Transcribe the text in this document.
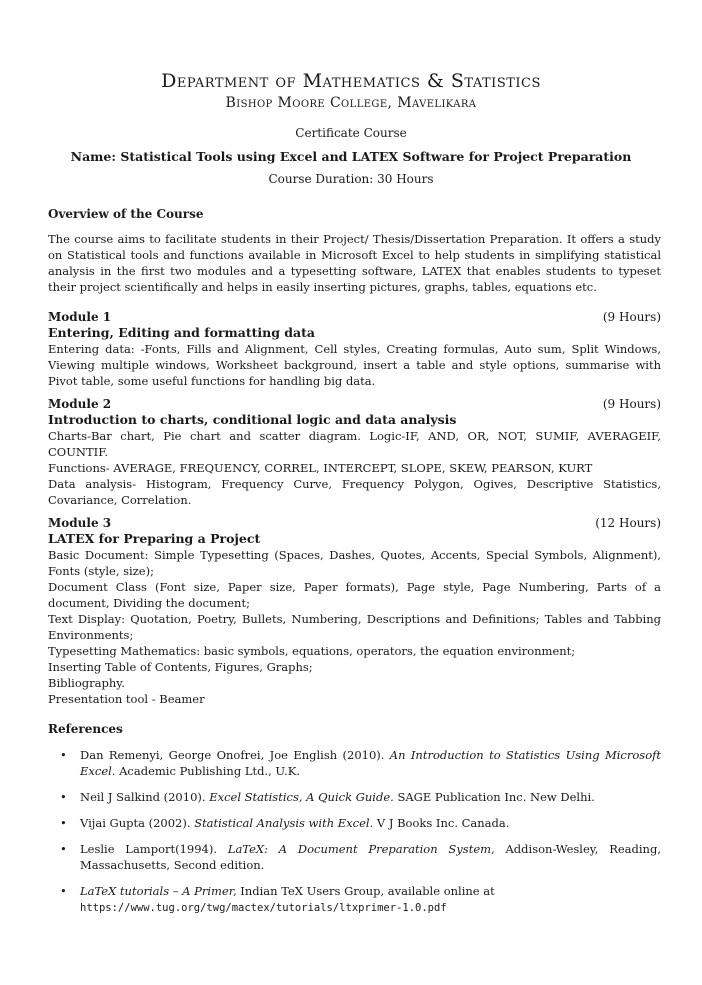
Department of Mathematics & Statistics
Bishop Moore College, Mavelikara
Certificate Course
Name: Statistical Tools using Excel and LATEX Software for Project Preparation
Course Duration: 30 Hours
Overview of the Course
The course aims to facilitate students in their Project/ Thesis/Dissertation Preparation. It offers a study on Statistical tools and functions available in Microsoft Excel to help students in simplifying statistical analysis in the first two modules and a typesetting software, LATEX that enables students to typeset their project scientifically and helps in easily inserting pictures, graphs, tables, equations etc.
Module 1	(9 Hours)
Entering, Editing and formatting data
Entering data: -Fonts, Fills and Alignment, Cell styles, Creating formulas, Auto sum, Split Windows, Viewing multiple windows, Worksheet background, insert a table and style options, summarise with Pivot table, some useful functions for handling big data.
Module 2	(9 Hours)
Introduction to charts, conditional logic and data analysis
Charts-Bar chart, Pie chart and scatter diagram. Logic-IF, AND, OR, NOT, SUMIF, AVERAGEIF, COUNTIF.
Functions- AVERAGE, FREQUENCY, CORREL, INTERCEPT, SLOPE, SKEW, PEARSON, KURT
Data analysis- Histogram, Frequency Curve, Frequency Polygon, Ogives, Descriptive Statistics, Covariance, Correlation.
Module 3	(12 Hours)
LATEX for Preparing a Project
Basic Document: Simple Typesetting (Spaces, Dashes, Quotes, Accents, Special Symbols, Alignment), Fonts (style, size);
Document Class (Font size, Paper size, Paper formats), Page style, Page Numbering, Parts of a document, Dividing the document;
Text Display: Quotation, Poetry, Bullets, Numbering, Descriptions and Definitions; Tables and Tabbing Environments;
Typesetting Mathematics: basic symbols, equations, operators, the equation environment;
Inserting Table of Contents, Figures, Graphs;
Bibliography.
Presentation tool - Beamer
References
• Dan Remenyi, George Onofrei, Joe English (2010). An Introduction to Statistics Using Microsoft Excel. Academic Publishing Ltd., U.K.
• Neil J Salkind (2010). Excel Statistics, A Quick Guide. SAGE Publication Inc. New Delhi.
• Vijai Gupta (2002). Statistical Analysis with Excel. V J Books Inc. Canada.
• Leslie Lamport(1994). LaTeX: A Document Preparation System, Addison-Wesley, Reading, Massachusetts, Second edition.
• LaTeX tutorials – A Primer, Indian TeX Users Group, available online at
https://www.tug.org/twg/mactex/tutorials/ltxprimer-1.0.pdf
